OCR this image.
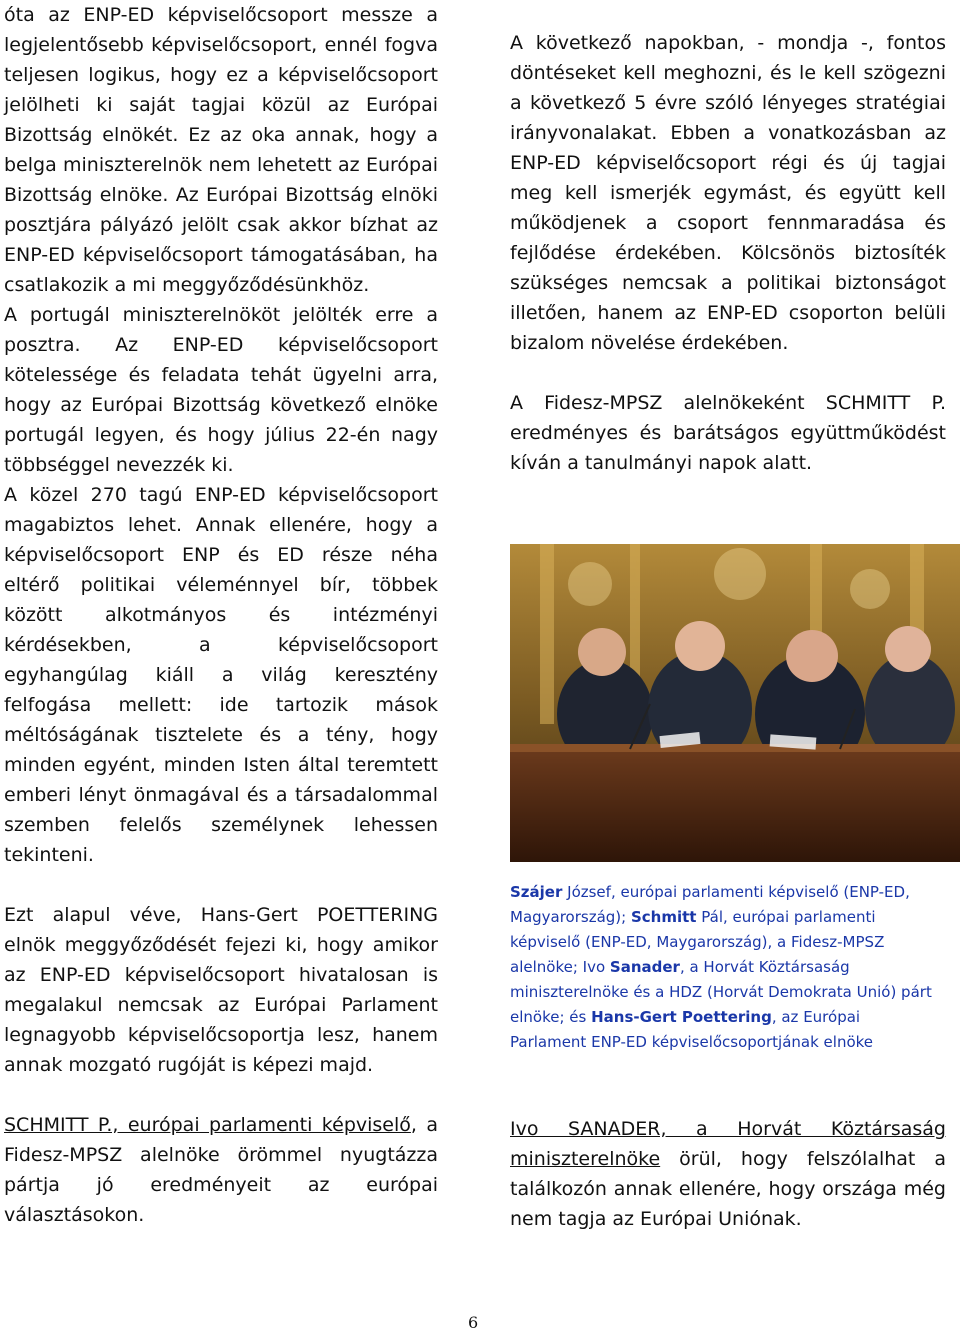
óta az ENP-ED képviselőcsoport messze a legjelentősebb képviselőcsoport, ennél fogva teljesen logikus, hogy ez a képviselőcsoport jelölheti ki saját tagjai közül az Európai Bizottság elnökét. Ez az oka annak, hogy a belga miniszterelnök nem lehetett az Európai Bizottság elnöke. Az Európai Bizottság elnöki posztjára pályázó jelölt csak akkor bízhat az ENP-ED képviselőcsoport támogatásában, ha csatlakozik a mi meggyőződésünkhöz.

A portugál miniszterelnököt jelölték erre a posztra. Az ENP-ED képviselőcsoport kötelessége és feladata tehát ügyelni arra, hogy az Európai Bizottság következő elnöke portugál legyen, és hogy július 22-én nagy többséggel nevezzék ki.

A közel 270 tagú ENP-ED képviselőcsoport magabiztos lehet. Annak ellenére, hogy a képviselőcsoport ENP és ED része néha eltérő politikai véleménnyel bír, többek között alkotmányos és intézményi kérdésekben, a képviselőcsoport egyhangúlag kiáll a világ keresztény felfogása mellett: ide tartozik mások méltóságának tisztelete és a tény, hogy minden egyént, minden Isten által teremtett emberi lényt önmagával és a társadalommal szemben felelős személynek lehessen tekinteni.

Ezt alapul véve, Hans-Gert POETTERING elnök meggyőződését fejezi ki, hogy amikor az ENP-ED képviselőcsoport hivatalosan is megalakul nemcsak az Európai Parlament legnagyobb képviselőcsoportja lesz, hanem annak mozgató rugóját is képezi majd.

SCHMITT P., európai parlamenti képviselő, a Fidesz-MPSZ alelnöke örömmel nyugtázza pártja jó eredményeit az európai választásokon.

A következő napokban, - mondja -, fontos döntéseket kell meghozni, és le kell szögezni a következő 5 évre szóló lényeges stratégiai irányvonalakat. Ebben a vonatkozásban az ENP-ED képviselőcsoport régi és új tagjai meg kell ismerjék egymást, és együtt kell működjenek a csoport fennmaradása és fejlődése érdekében. Kölcsönös biztosíték szükséges nemcsak a politikai biztonságot illetően, hanem az ENP-ED csoporton belüli bizalom növelése érdekében.

A Fidesz-MPSZ alelnökeként SCHMITT P. eredményes és barátságos együttműködést kíván a tanulmányi napok alatt.

Szájer József, európai parlamenti képviselő (ENP-ED, Magyarország); Schmitt Pál, európai parlamenti képviselő (ENP-ED, Maygarország), a Fidesz-MPSZ alelnöke; Ivo Sanader, a Horvát Köztársaság miniszterelnöke és a HDZ (Horvát Demokrata Unió) párt elnöke; és Hans-Gert Poettering, az Európai Parlament ENP-ED képviselőcsoportjának elnöke

Ivo SANADER, a Horvát Köztársaság miniszterelnöke örül, hogy felszólalhat a találkozón annak ellenére, hogy országa még nem tagja az Európai Uniónak.

6
